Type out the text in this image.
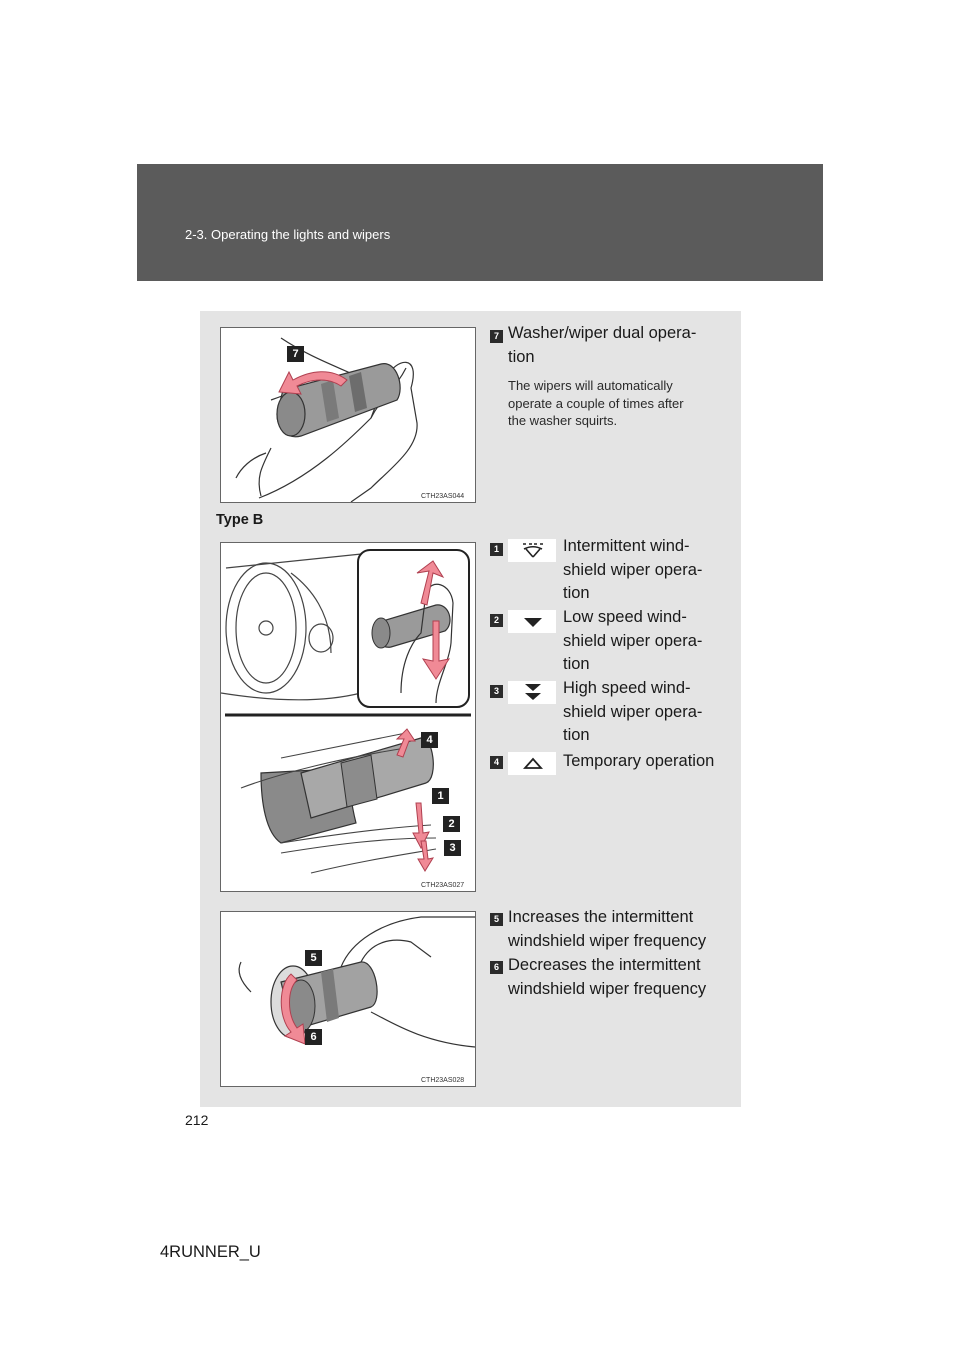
2-3. Operating the lights and wipers
7
CTH23AS044
7 Washer/wiper dual opera-
tion
The wipers will automatically
operate a couple of times after
the washer squirts.
Type B
4
1
2
3
CTH23AS027
1	Intermittent wind-
shield wiper opera-
tion
2	Low speed wind-
shield wiper opera-
tion
3	High speed wind-
shield wiper opera-
tion
4	Temporary operation
5
6
CTH23AS028
5 Increases the intermittent
windshield wiper frequency
6 Decreases the intermittent
windshield wiper frequency
212
4RUNNER_U
